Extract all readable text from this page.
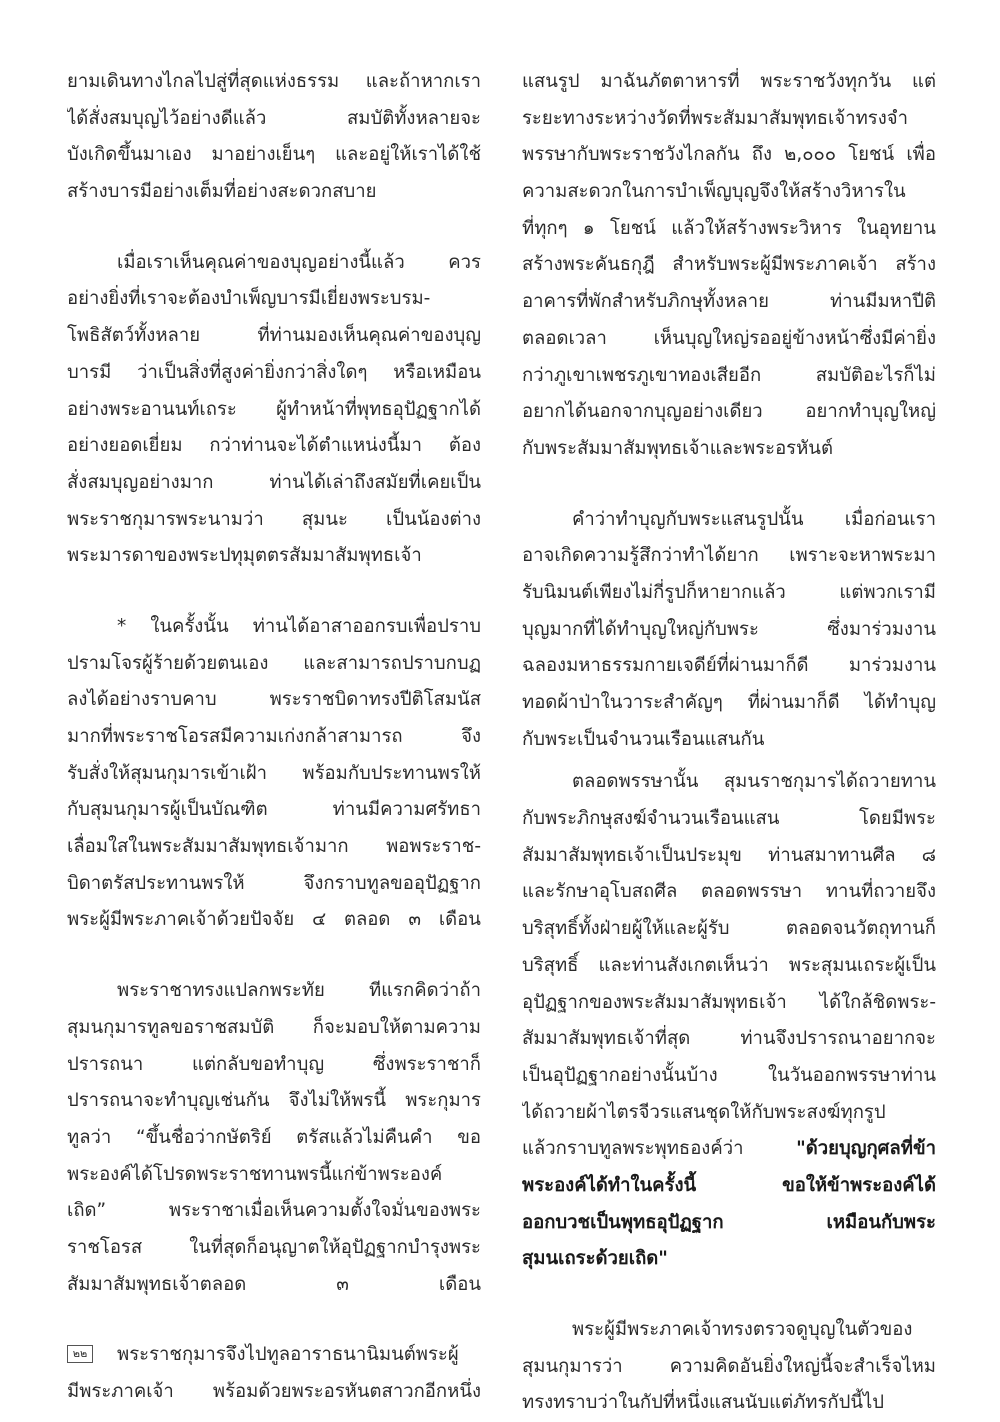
ยามเดินทางไกลไปสู่ที่สุดแห่งธรรม และถ้าหากเรา
ได้สั่งสมบุญไว้อย่างดีแล้ว	สมบัติทั้งหลายจะ
บังเกิดขึ้นมาเอง มาอย่างเย็นๆ และอยู่ให้เราได้ใช้
สร้างบารมีอย่างเต็มที่อย่างสะดวกสบาย
เมื่อเราเห็นคุณค่าของบุญอย่างนี้แล้ว ควร
อย่างยิ่งที่เราจะต้องบำเพ็ญบารมีเยี่ยงพระบรม-
โพธิสัตว์ทั้งหลาย	ที่ท่านมองเห็นคุณค่าของบุญ
บารมี ว่าเป็นสิ่งที่สูงค่ายิ่งกว่าสิ่งใดๆ หรือเหมือน
อย่างพระอานนท์เถระ ผู้ทำหน้าที่พุทธอุปัฏฐากได้
อย่างยอดเยี่ยม กว่าท่านจะได้ตำแหน่งนี้มา ต้อง
สั่งสมบุญอย่างมาก	ท่านได้เล่าถึงสมัยที่เคยเป็น
พระราชกุมารพระนามว่า สุมนะ เป็นน้องต่าง
พระมารดาของพระปทุมุตตรสัมมาสัมพุทธเจ้า
* ในครั้งนั้น ท่านได้อาสาออกรบเพื่อปราบ
ปรามโจรผู้ร้ายด้วยตนเอง และสามารถปราบกบฏ
ลงได้อย่างราบคาบ	พระราชบิดาทรงปีติโสมนัส
มากที่พระราชโอรสมีความเก่งกล้าสามารถ	จึง
รับสั่งให้สุมนกุมารเข้าเฝ้า พร้อมกับประทานพรให้
กับสุมนกุมารผู้เป็นบัณฑิต	ท่านมีความศรัทธา
เลื่อมใสในพระสัมมาสัมพุทธเจ้ามาก พอพระราช-
บิดาตรัสประทานพรให้	จึงกราบทูลขออุปัฏฐาก
พระผู้มีพระภาคเจ้าด้วยปัจจัย ๔ ตลอด ๓ เดือน
พระราชาทรงแปลกพระทัย ทีแรกคิดว่าถ้า
สุมนกุมารทูลขอราชสมบัติ ก็จะมอบให้ตามความ
ปรารถนา	แต่กลับขอทำบุญ	ซึ่งพระราชาก็
ปรารถนาจะทำบุญเช่นกัน จึงไม่ให้พรนี้ พระกุมาร
ทูลว่า “ขึ้นชื่อว่ากษัตริย์ ตรัสแล้วไม่คืนคำ ขอ
พระองค์ได้โปรดพระราชทานพรนี้แก่ข้าพระองค์
เถิด”	พระราชาเมื่อเห็นความตั้งใจมั่นของพระ
ราชโอรส	ในที่สุดก็อนุญาตให้อุปัฏฐากบำรุงพระ
สัมมาสัมพุทธเจ้าตลอด	๓	เดือน
พระราชกุมารจึงไปทูลอาราธนานิมนต์พระผู้
มีพระภาคเจ้า พร้อมด้วยพระอรหันตสาวกอีกหนึ่ง
แสนรูป มาฉันภัตตาหารที่ พระราชวังทุกวัน แต่
ระยะทางระหว่างวัดที่พระสัมมาสัมพุทธเจ้าทรงจำ
พรรษากับพระราชวังไกลกัน ถึง ๒,๐๐๐ โยชน์ เพื่อ
ความสะดวกในการบำเพ็ญบุญจึงให้สร้างวิหารใน
ที่ทุกๆ ๑ โยชน์ แล้วให้สร้างพระวิหาร ในอุทยาน
สร้างพระคันธกุฎี สำหรับพระผู้มีพระภาคเจ้า สร้าง
อาคารที่พักสำหรับภิกษุทั้งหลาย	ท่านมีมหาปีติ
ตลอดเวลา	เห็นบุญใหญ่รออยู่ข้างหน้าซึ่งมีค่ายิ่ง
กว่าภูเขาเพชรภูเขาทองเสียอีก	สมบัติอะไรก็ไม่
อยากได้นอกจากบุญอย่างเดียว อยากทำบุญใหญ่
กับพระสัมมาสัมพุทธเจ้าและพระอรหันต์
คำว่าทำบุญกับพระแสนรูปนั้น เมื่อก่อนเรา
อาจเกิดความรู้สึกว่าทำได้ยาก เพราะจะหาพระมา
รับนิมนต์เพียงไม่กี่รูปก็หายากแล้ว	แต่พวกเรามี
บุญมากที่ได้ทำบุญใหญ่กับพระ	ซึ่งมาร่วมงาน
ฉลองมหาธรรมกายเจดีย์ที่ผ่านมาก็ดี มาร่วมงาน
ทอดผ้าป่าในวาระสำคัญๆ ที่ผ่านมาก็ดี ได้ทำบุญ
กับพระเป็นจำนวนเรือนแสนกัน
ตลอดพรรษานั้น สุมนราชกุมารได้ถวายทาน
กับพระภิกษุสงฆ์จำนวนเรือนแสน	โดยมีพระ
สัมมาสัมพุทธเจ้าเป็นประมุข ท่านสมาทานศีล ๘
และรักษาอุโบสถศีล ตลอดพรรษา ทานที่ถวายจึง
บริสุทธิ์ทั้งฝ่ายผู้ให้และผู้รับ	ตลอดจนวัตถุทานก็
บริสุทธิ์ และท่านสังเกตเห็นว่า พระสุมนเถระผู้เป็น
อุปัฏฐากของพระสัมมาสัมพุทธเจ้า ได้ใกล้ชิดพระ-
สัมมาสัมพุทธเจ้าที่สุด	ท่านจึงปรารถนาอยากจะ
เป็นอุปัฏฐากอย่างนั้นบ้าง	ในวันออกพรรษาท่าน
ได้ถวายผ้าไตรจีวรแสนชุดให้กับพระสงฆ์ทุกรูป
แล้วกราบทูลพระพุทธองค์ว่า	"ด้วยบุญกุศลที่ข้า
พระองค์ได้ทำในครั้งนี้	ขอให้ข้าพระองค์ได้
ออกบวชเป็นพุทธอุปัฏฐาก	เหมือนกับพระ
สุมนเถระด้วยเถิด"
พระผู้มีพระภาคเจ้าทรงตรวจดูบุญในตัวของ
สุมนกุมารว่า	ความคิดอันยิ่งใหญ่นี้จะสำเร็จไหม
ทรงทราบว่าในกัปที่หนึ่งแสนนับแต่ภัทรกัปนี้ไป
๒๒
